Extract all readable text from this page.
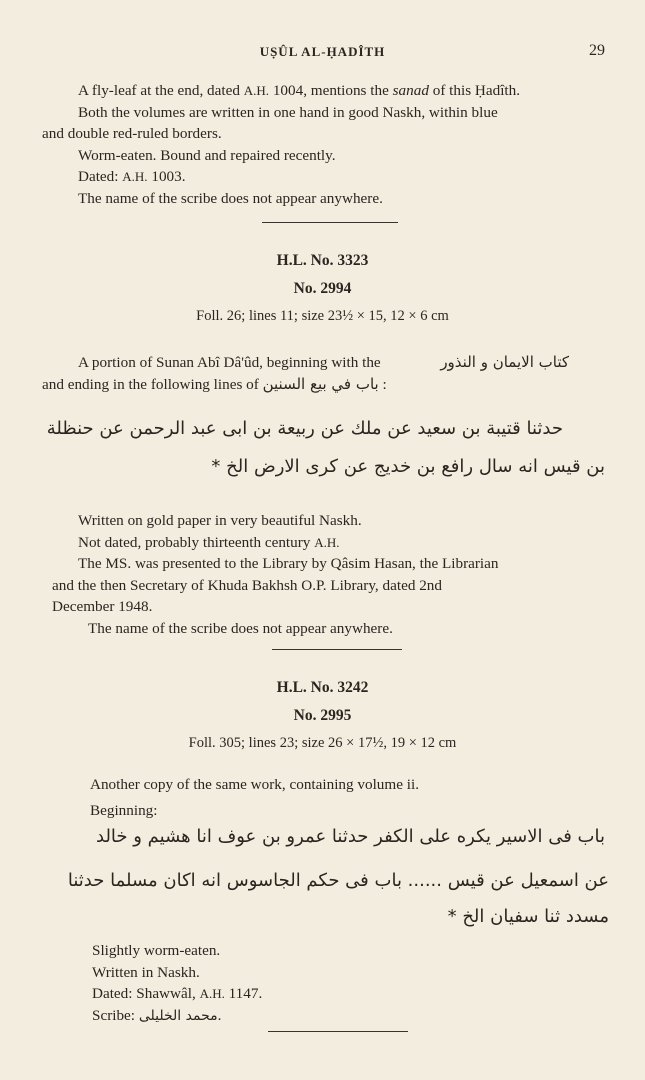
UṢÛL AL-ḤADÎTH	29

A fly-leaf at the end, dated A.H. 1004, mentions the sanad of this Ḥadîth.

Both the volumes are written in one hand in good Naskh, within blue

and double red-ruled borders.

Worm-eaten. Bound and repaired recently.

Dated: A.H. 1003.

The name of the scribe does not appear anywhere.

H.L. No. 3323
No. 2994
Foll. 26; lines 11; size 23½ × 15, 12 × 6 cm

A portion of Sunan Abî Dâ'ûd, beginning with the	كتاب الايمان و النذور

and ending in the following lines of باب في بيع السنين :

حدثنا قتيبة بن سعيد عن ملك عن ربيعة بن ابى عبد الرحمن عن حنظلة
بن قيس انه سال رافع بن خديج عن كرى الارض الخ *

Written on gold paper in very beautiful Naskh.

Not dated, probably thirteenth century A.H.

The MS. was presented to the Library by Qâsim Hasan, the Librarian

and the then Secretary of Khuda Bakhsh O.P. Library, dated 2nd

December 1948.

The name of the scribe does not appear anywhere.

H.L. No. 3242
No. 2995
Foll. 305; lines 23; size 26 × 17½, 19 × 12 cm

Another copy of the same work, containing volume ii.

Beginning:

باب فى الاسير يكره على الكفر حدثنا عمرو بن عوف انا هشيم و خالد
عن اسمعيل عن قيس ...... باب فى حكم الجاسوس انه اكان مسلما حدثنا
مسدد ثنا سفيان الخ *

Slightly worm-eaten.

Written in Naskh.

Dated: Shawwâl, A.H. 1147.

Scribe: محمد الخليلى.
